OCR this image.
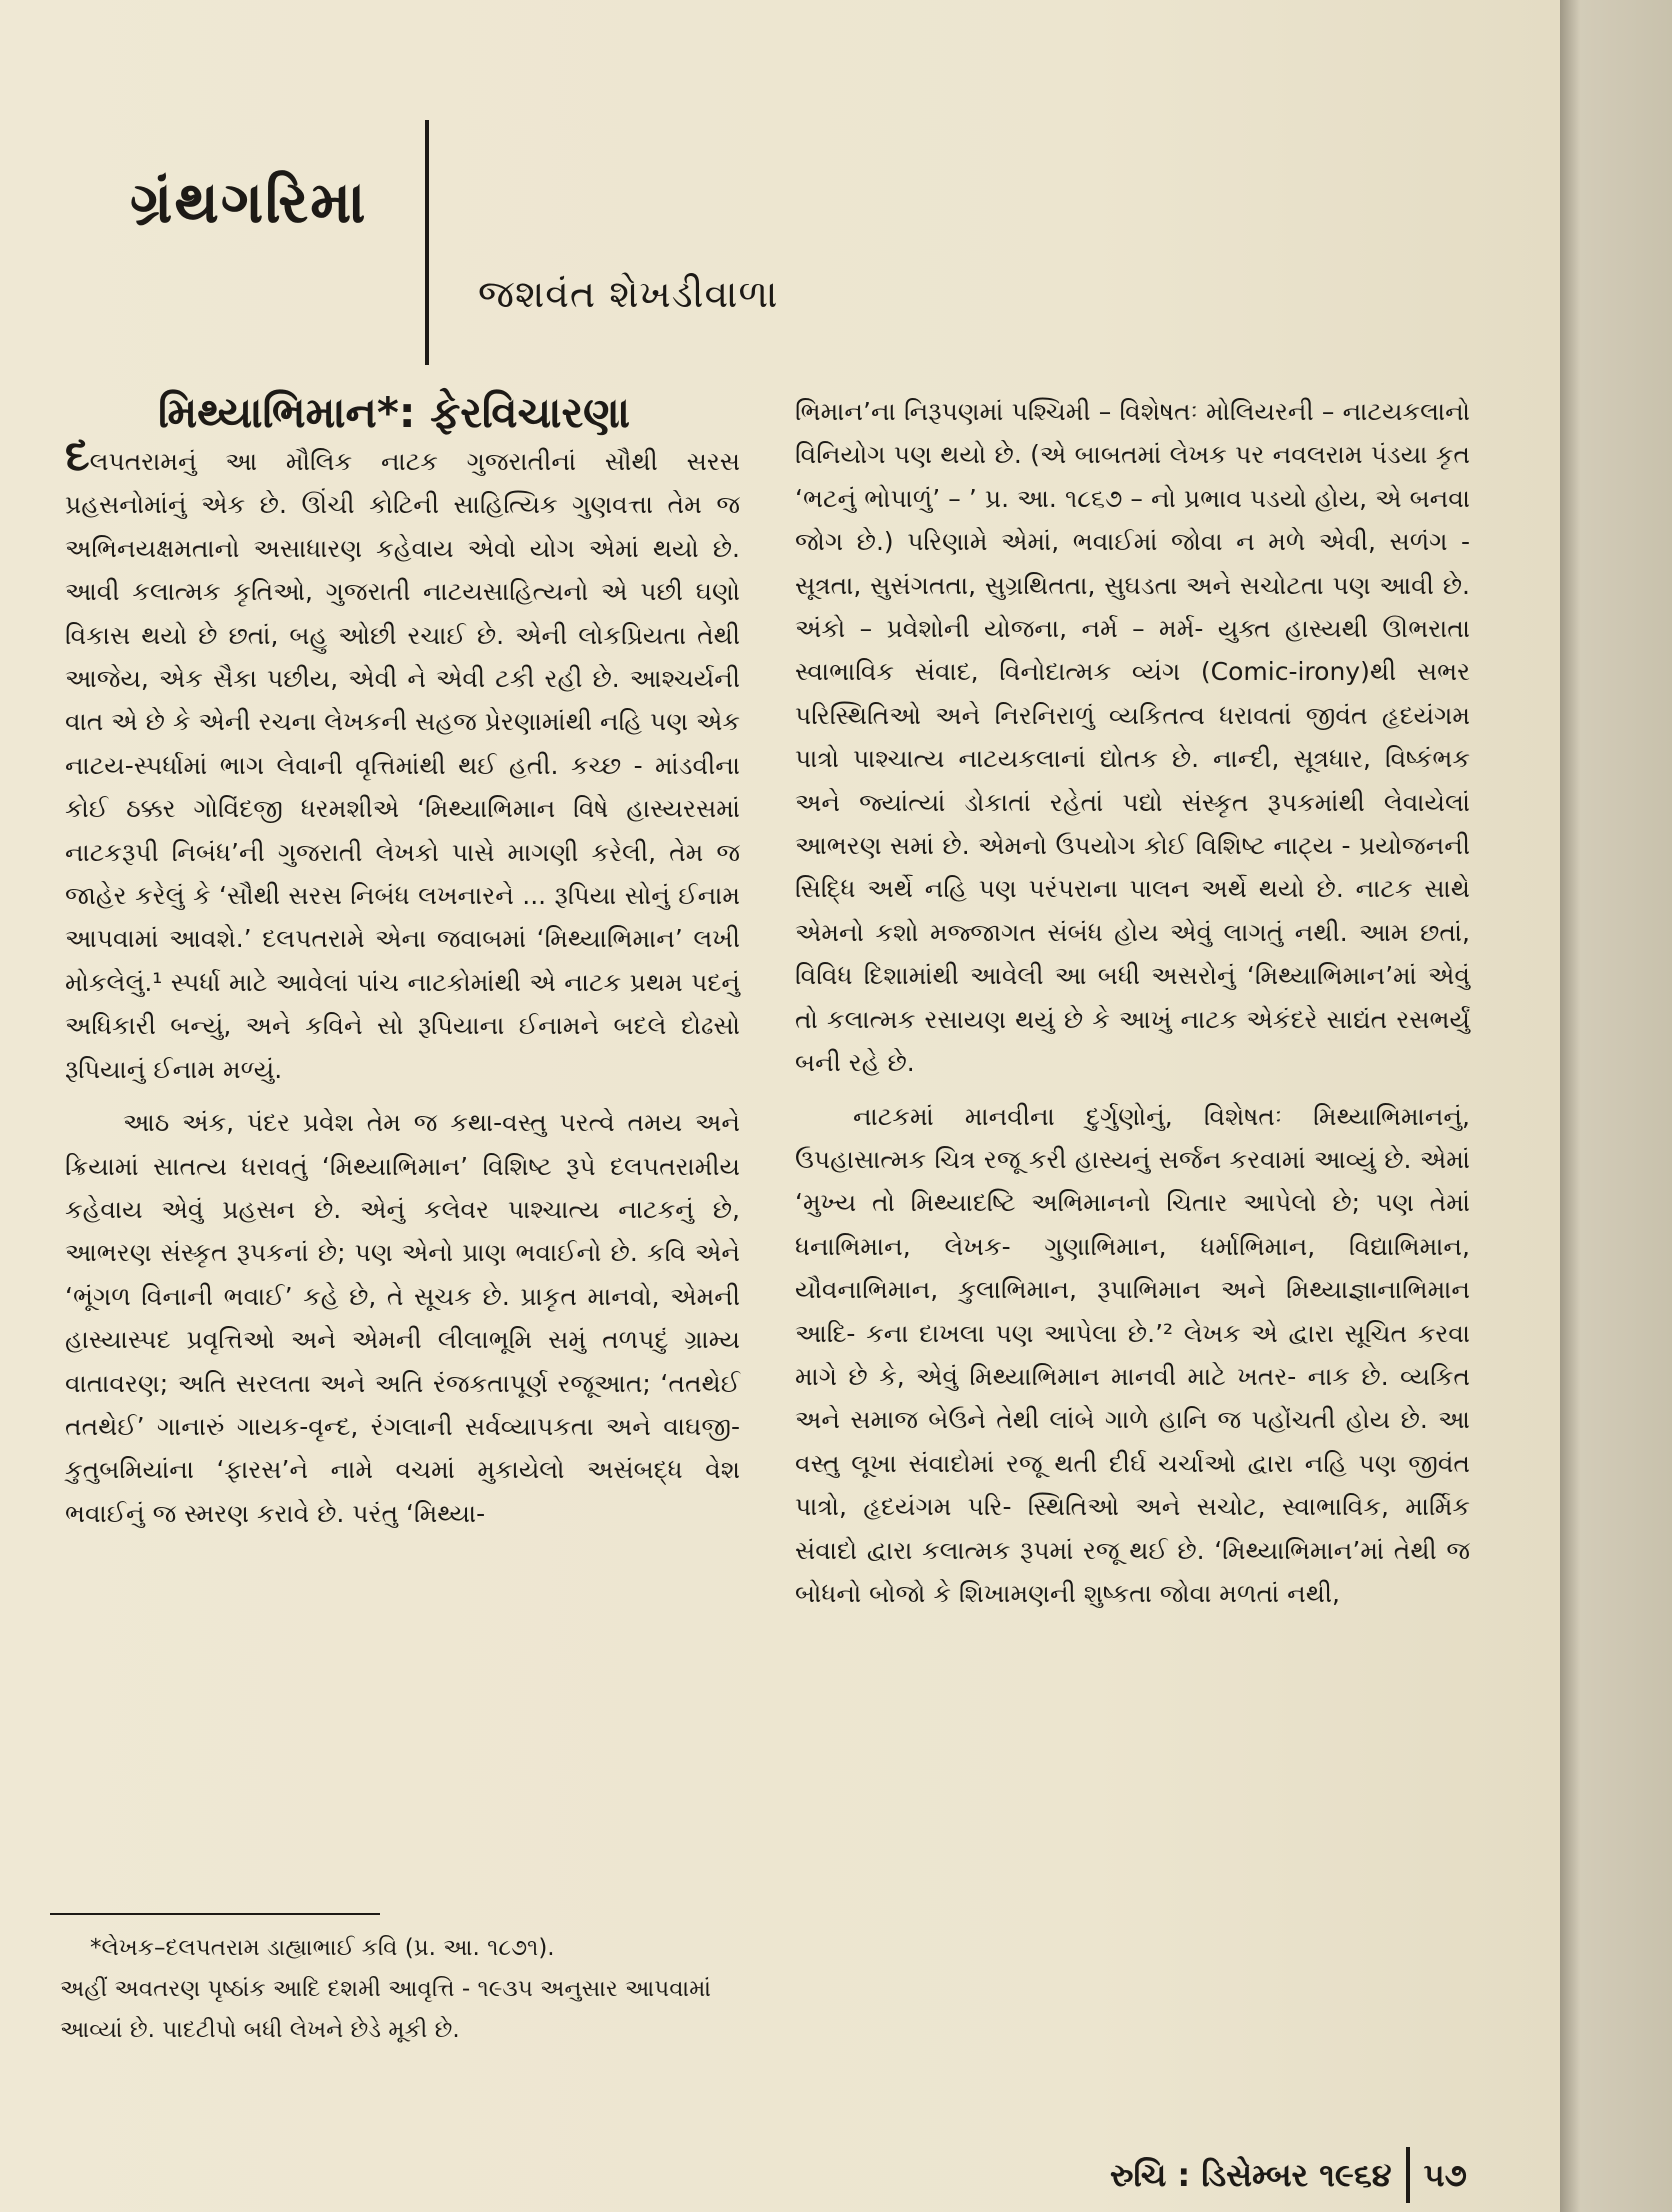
ગ્રંથગરિમા
જશવંત શેખડીવાળા
મિથ્યાભિમાન*: ફેરવિચારણા

દલપતરામનું આ મૌલિક નાટક ગુજરાતીનાં સૌથી સરસ પ્રહસનોમાંનું એક છે. ઊંચી કોટિની સાહિત્યિક ગુણવત્તા તેમ જ અભિનયક્ષમતાનો અસાધારણ કહેવાય એવો યોગ એમાં થયો છે. આવી કલાત્મક કૃતિઓ, ગુજરાતી નાટયસાહિત્યનો એ પછી ઘણો વિકાસ થયો છે છતાં, બહુ ઓછી રચાઈ છે. એની લોકપ્રિયતા તેથી આજેય, એક સૈકા પછીય, એવી ને એવી ટકી રહી છે. આશ્ચર્યની વાત એ છે કે એની રચના લેખકની સહજ પ્રેરણામાંથી નહિ પણ એક નાટય-સ્પર્ધામાં ભાગ લેવાની વૃત્તિમાંથી થઈ હતી. કચ્છ - માંડવીના કોઈ ઠક્કર ગોવિંદજી ધરમશીએ ‘મિથ્યાભિમાન વિષે હાસ્યરસમાં નાટકરૂપી નિબંધ’ની ગુજરાતી લેખકો પાસે માગણી કરેલી, તેમ જ જાહેર કરેલું કે ‘સૌથી સરસ નિબંધ લખનારને ... રૂપિયા સોનું ઈનામ આપવામાં આવશે.’ દલપતરામે એના જવાબમાં ‘મિથ્યાભિમાન’ લખી મોકલેલું.¹ સ્પર્ધા માટે આવેલાં પાંચ નાટકોમાંથી એ નાટક પ્રથમ પદનું અધિકારી બન્યું, અને કવિને સો રૂપિયાના ઈનામને બદલે દોઢસો રૂપિયાનું ઈનામ મળ્યું.

આઠ અંક, પંદર પ્રવેશ તેમ જ કથા-વસ્તુ પરત્વે તમય અને ક્રિયામાં સાતત્ય ધરાવતું ‘મિથ્યાભિમાન’ વિશિષ્ટ રૂપે દલપતરામીય કહેવાય એવું પ્રહસન છે. એનું કલેવર પાશ્ચાત્ય નાટકનું છે, આભરણ સંસ્કૃત રૂપકનાં છે; પણ એનો પ્રાણ ભવાઈનો છે. કવિ એને ‘ભૂંગળ વિનાની ભવાઈ’ કહે છે, તે સૂચક છે. પ્રાકૃત માનવો, એમની હાસ્યાસ્પદ પ્રવૃત્તિઓ અને એમની લીલાભૂમિ સમું તળપદું ગ્રામ્ય વાતાવરણ; અતિ સરલતા અને અતિ રંજકતાપૂર્ણ રજૂઆત; ‘તતથેઈ તતથેઈ’ ગાનારું ગાયક-વૃન્દ, રંગલાની સર્વવ્યાપકતા અને વાઘજી-કુતુબમિયાંના ‘ફારસ’ને નામે વચમાં મુકાયેલો અસંબદ્ધ વેશ ભવાઈનું જ સ્મરણ કરાવે છે. પરંતુ ‘મિથ્યા-

ભિમાન’ના નિરૂપણમાં પશ્ચિમી – વિશેષતઃ મોલિયરની – નાટયકલાનો વિનિયોગ પણ થયો છે. (એ બાબતમાં લેખક પર નવલરામ પંડયા કૃત ‘ભટનું ભોપાળું’ – ’ પ્ર. આ. ૧૮૬૭ – નો પ્રભાવ પડયો હોય, એ બનવા જોગ છે.) પરિણામે એમાં, ભવાઈમાં જોવા ન મળે એવી, સળંગ - સૂત્રતા, સુસંગતતા, સુગ્રથિતતા, સુઘડતા અને સચોટતા પણ આવી છે. અંકો – પ્રવેશોની યોજના, નર્મ – મર્મ- યુક્ત હાસ્યથી ઊભરાતા સ્વાભાવિક સંવાદ, વિનોદાત્મક વ્યંગ (Comic-irony)થી સભર પરિસ્થિતિઓ અને નિરનિરાળું વ્યકિતત્વ ધરાવતાં જીવંત હૃદયંગમ પાત્રો પાશ્ચાત્ય નાટયકલાનાં દ્યોતક છે. નાન્દી, સૂત્રધાર, વિષ્કંભક અને જ્યાંત્યાં ડોકાતાં રહેતાં પદ્યો સંસ્કૃત રૂપકમાંથી લેવાયેલાં આભરણ સમાં છે. એમનો ઉપયોગ કોઈ વિશિષ્ટ નાટ્ય - પ્રયોજનની સિદ્ધિ અર્થે નહિ પણ પરંપરાના પાલન અર્થે થયો છે. નાટક સાથે એમનો કશો મજ્જાગત સંબંધ હોય એવું લાગતું નથી. આમ છતાં, વિવિધ દિશામાંથી આવેલી આ બધી અસરોનું ‘મિથ્યાભિમાન’માં એવું તો કલાત્મક રસાયણ થયું છે કે આખું નાટક એકંદરે સાદ્યંત રસભર્યું બની રહે છે.

નાટકમાં માનવીના દુર્ગુણોનું, વિશેષતઃ મિથ્યાભિમાનનું, ઉપહાસાત્મક ચિત્ર રજૂ કરી હાસ્યનું સર્જન કરવામાં આવ્યું છે. એમાં ‘મુખ્ય તો મિથ્યાદષ્ટિ અભિમાનનો ચિતાર આપેલો છે; પણ તેમાં ધનાભિમાન, લેખક- ગુણાભિમાન, ધર્માભિમાન, વિદ્યાભિમાન, યૌવનાભિમાન, કુલાભિમાન, રૂપાભિમાન અને મિથ્યાજ્ઞાનાભિમાન આદિ- કના દાખલા પણ આપેલા છે.’² લેખક એ દ્વારા સૂચિત કરવા માગે છે કે, એવું મિથ્યાભિમાન માનવી માટે ખતર- નાક છે. વ્યકિત અને સમાજ બેઉને તેથી લાંબે ગાળે હાનિ જ પહોંચતી હોય છે. આ વસ્તુ લૂખા સંવાદોમાં રજૂ થતી દીર્ઘ ચર્ચાઓ દ્વારા નહિ પણ જીવંત પાત્રો, હૃદયંગમ પરિ- સ્થિતિઓ અને સચોટ, સ્વાભાવિક, માર્મિક સંવાદો દ્વારા કલાત્મક રૂપમાં રજૂ થઈ છે. ‘મિથ્યાભિમાન’માં તેથી જ બોધનો બોજો કે શિખામણની શુષ્કતા જોવા મળતાં નથી,

*લેખક–દલપતરામ ડાહ્યાભાઈ કવિ (પ્ર. આ. ૧૮૭૧).

અહીં અવતરણ પૃષ્ઠાંક આદિ દશમી આવૃત્તિ - ૧૯૩૫ અનુસાર આપવામાં આવ્યાં છે. પાદટીપો બધી લેખને છેડે મૂકી છે.

રુચિ : ડિસેમ્બર ૧૯૬૪ ૫૭
